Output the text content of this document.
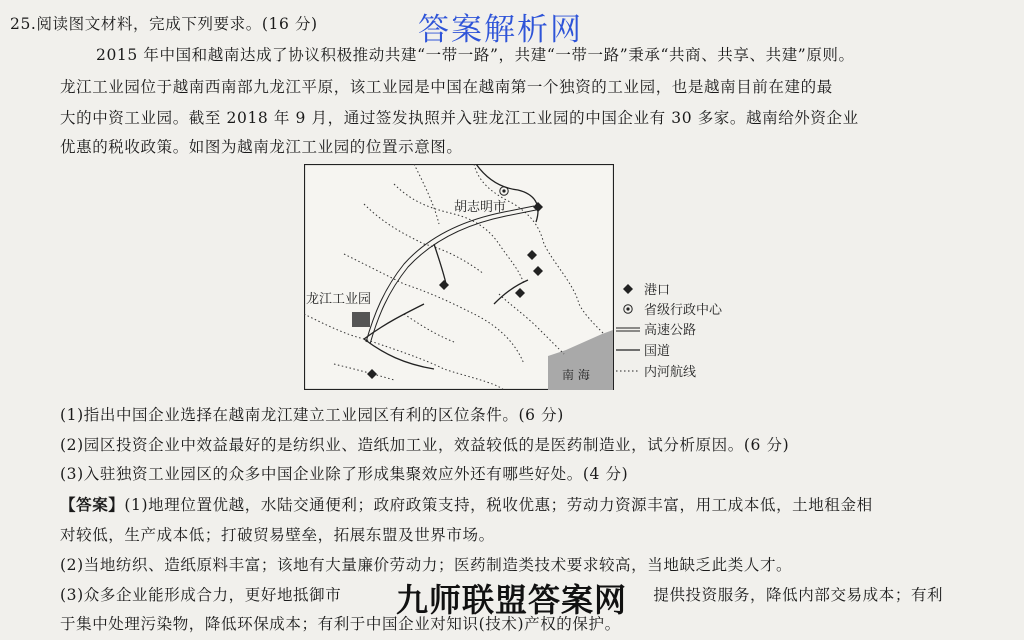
答案解析网
25.阅读图文材料，完成下列要求。(16 分)
2015 年中国和越南达成了协议积极推动共建“一带一路”，共建“一带一路”秉承“共商、共享、共建”原则。
龙江工业园位于越南西南部九龙江平原，该工业园是中国在越南第一个独资的工业园，也是越南目前在建的最
大的中资工业园。截至 2018 年 9 月，通过签发执照并入驻龙江工业园的中国企业有 30 多家。越南给外资企业
优惠的税收政策。如图为越南龙江工业园的位置示意图。
胡志明市
龙江工业园
南 海
港口
省级行政中心
高速公路
国道
内河航线
(1)指出中国企业选择在越南龙江建立工业园区有利的区位条件。(6 分)
(2)园区投资企业中效益最好的是纺织业、造纸加工业，效益较低的是医药制造业，试分析原因。(6 分)
(3)入驻独资工业园区的众多中国企业除了形成集聚效应外还有哪些好处。(4 分)
【答案】(1)地理位置优越，水陆交通便利；政府政策支持，税收优惠；劳动力资源丰富，用工成本低，土地租金相
对较低，生产成本低；打破贸易壁垒，拓展东盟及世界市场。
(2)当地纺织、造纸原料丰富；该地有大量廉价劳动力；医药制造类技术要求较高，当地缺乏此类人才。
(3)众多企业能形成合力，更好地抵御市	提供投资服务，降低内部交易成本；有利
于集中处理污染物，降低环保成本；有利于中国企业对知识(技术)产权的保护。
九师联盟答案网
